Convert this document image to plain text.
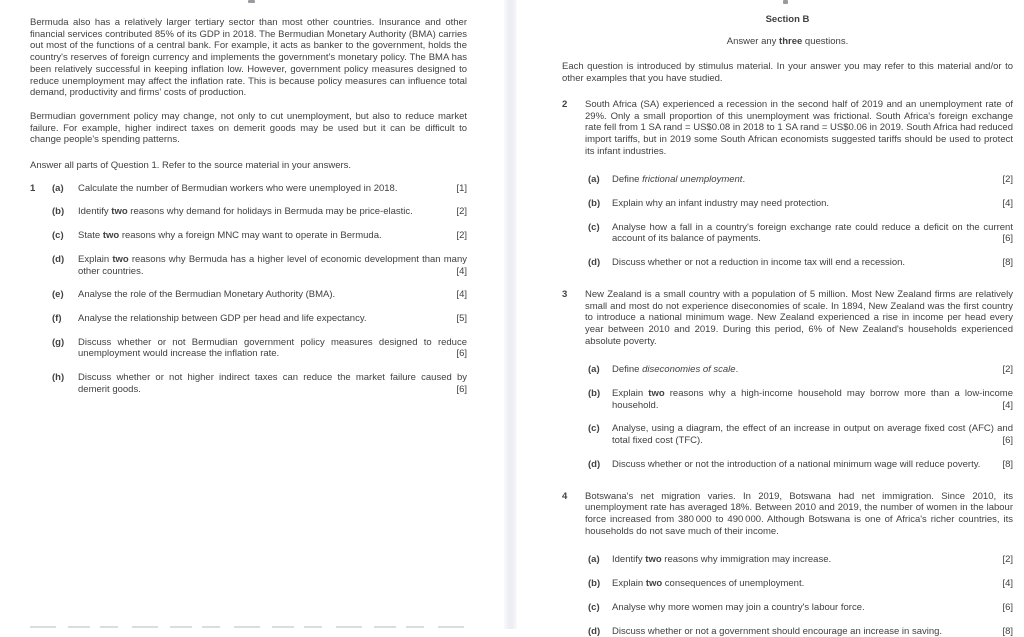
Bermuda also has a relatively larger tertiary sector than most other countries. Insurance and other financial services contributed 85% of its GDP in 2018. The Bermudian Monetary Authority (BMA) carries out most of the functions of a central bank. For example, it acts as banker to the government, holds the country's reserves of foreign currency and implements the government's monetary policy. The BMA has been relatively successful in keeping inflation low. However, government policy measures designed to reduce unemployment may affect the inflation rate. This is because policy measures can influence total demand, productivity and firms' costs of production.

Bermudian government policy may change, not only to cut unemployment, but also to reduce market failure. For example, higher indirect taxes on demerit goods may be used but it can be difficult to change people's spending patterns.

Answer all parts of Question 1. Refer to the source material in your answers.

1 (a)	Calculate the number of Bermudian workers who were unemployed in 2018.	[1]
(b)	Identify two reasons why demand for holidays in Bermuda may be price-elastic.	[2]
(c)	State two reasons why a foreign MNC may want to operate in Bermuda.	[2]
(d)	Explain two reasons why Bermuda has a higher level of economic development than many other countries.	[4]
(e)	Analyse the role of the Bermudian Monetary Authority (BMA).	[4]
(f)	Analyse the relationship between GDP per head and life expectancy.	[5]
(g)	Discuss whether or not Bermudian government policy measures designed to reduce unemployment would increase the inflation rate.	[6]
(h)	Discuss whether or not higher indirect taxes can reduce the market failure caused by demerit goods.	[6]
Section B
Answer any three questions.

Each question is introduced by stimulus material. In your answer you may refer to this material and/or to other examples that you have studied.

2	South Africa (SA) experienced a recession in the second half of 2019 and an unemployment rate of 29%. Only a small proportion of this unemployment was frictional. South Africa's foreign exchange rate fell from 1 SA rand = US$0.08 in 2018 to 1 SA rand = US$0.06 in 2019. South Africa had reduced import tariffs, but in 2019 some South African economists suggested tariffs should be used to protect its infant industries.
(a)	Define frictional unemployment.	[2]
(b)	Explain why an infant industry may need protection.	[4]
(c)	Analyse how a fall in a country's foreign exchange rate could reduce a deficit on the current account of its balance of payments.	[6]
(d)	Discuss whether or not a reduction in income tax will end a recession.	[8]
3	New Zealand is a small country with a population of 5 million. Most New Zealand firms are relatively small and most do not experience diseconomies of scale. In 1894, New Zealand was the first country to introduce a national minimum wage. New Zealand experienced a rise in income per head every year between 2010 and 2019. During this period, 6% of New Zealand's households experienced absolute poverty.
(a)	Define diseconomies of scale.	[2]
(b)	Explain two reasons why a high-income household may borrow more than a low-income household.	[4]
(c)	Analyse, using a diagram, the effect of an increase in output on average fixed cost (AFC) and total fixed cost (TFC).	[6]
(d)	Discuss whether or not the introduction of a national minimum wage will reduce poverty. [8]
4	Botswana's net migration varies. In 2019, Botswana had net immigration. Since 2010, its unemployment rate has averaged 18%. Between 2010 and 2019, the number of women in the labour force increased from 380 000 to 490 000. Although Botswana is one of Africa's richer countries, its households do not save much of their income.
(a)	Identify two reasons why immigration may increase.	[2]
(b)	Explain two consequences of unemployment.	[4]
(c)	Analyse why more women may join a country's labour force.	[6]
(d)	Discuss whether or not a government should encourage an increase in saving.	[8]
